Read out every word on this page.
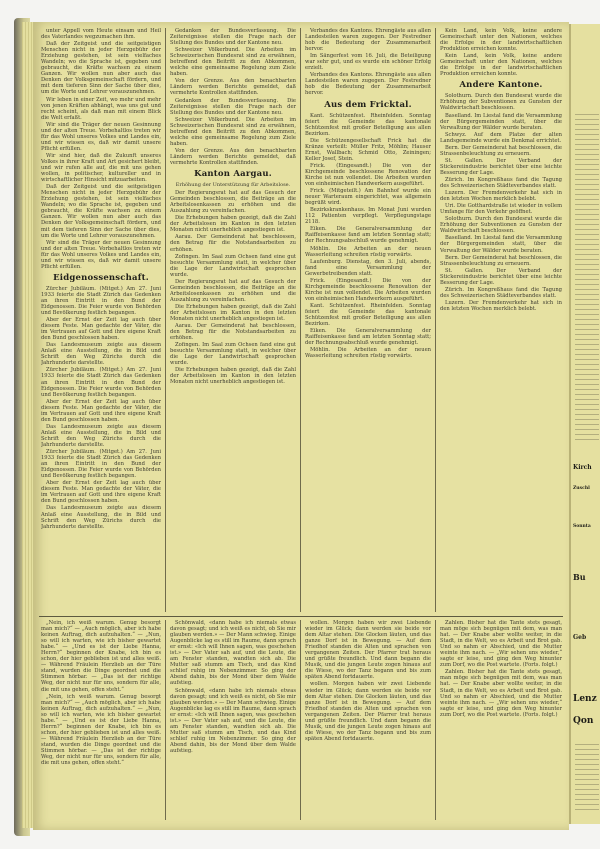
unter Appell vom Heute einsam und Heil des Vaterlandes wegzumachen ihm.

Daß der Zeitgeist und die seitgeistigen Menschen nicht in jeder Herzgebühr der Erziehung gestehen, ist sein vielfaches Wandeln; wo die Sprache ist, gegeben und gebraucht, die Kräfte wachsen zu einem Ganzen. Wir wollen nun aber auch das Denken der Volksgemeinschaft fördern, und mit dem tieferen Sinn der Sache über dies, um die Worte und Lehrer vorauszunehmen.

Wir leben in einer Zeit, wo mehr und mehr von jenen Kräften abhängt, was uns gut und recht scheint, als daß man mit einem Blick die Welt erfaßt.

Wir sind die Träger der neuen Gesinnung und der alten Treue. Vorbehaltlos treten wir für das Wohl unseres Volkes und Landes ein, und wir wissen es, daß wir damit unsere Pflicht erfüllen.

Wir sind hier, daß die Zukunft unseres Volkes in ihrer Kraft und Art gesichert bleibt, und wir rufen alle auf, die mit uns gehen wollen, in politischer, kultureller und in wirtschaftlicher Hinsicht mitzuarbeiten.

Daß der Zeitgeist und die seitgeistigen Menschen nicht in jeder Herzgebühr der Erziehung gestehen, ist sein vielfaches Wandeln; wo die Sprache ist, gegeben und gebraucht, die Kräfte wachsen zu einem Ganzen. Wir wollen nun aber auch das Denken der Volksgemeinschaft fördern, und mit dem tieferen Sinn der Sache über dies, um die Worte und Lehrer vorauszunehmen.

Wir sind die Träger der neuen Gesinnung und der alten Treue. Vorbehaltlos treten wir für das Wohl unseres Volkes und Landes ein, und wir wissen es, daß wir damit unsere Pflicht erfüllen.

Eidgenossenschaft.

Zürcher Jubiläum. (Mitget.) Am 27. Juni 1933 feierte die Stadt Zürich das Gedenken an ihren Eintritt in den Bund der Eidgenossen. Die Feier wurde von Behörden und Bevölkerung festlich begangen.

Aber der Ernst der Zeit lag auch über diesem Feste. Man gedachte der Väter, die im Vertrauen auf Gott und ihre eigene Kraft den Bund geschlossen haben.

Das Landesmuseum zeigte aus diesem Anlaß eine Ausstellung, die in Bild und Schrift den Weg Zürichs durch die Jahrhunderte darstellte.

Zürcher Jubiläum. (Mitget.) Am 27. Juni 1933 feierte die Stadt Zürich das Gedenken an ihren Eintritt in den Bund der Eidgenossen. Die Feier wurde von Behörden und Bevölkerung festlich begangen.

Aber der Ernst der Zeit lag auch über diesem Feste. Man gedachte der Väter, die im Vertrauen auf Gott und ihre eigene Kraft den Bund geschlossen haben.

Das Landesmuseum zeigte aus diesem Anlaß eine Ausstellung, die in Bild und Schrift den Weg Zürichs durch die Jahrhunderte darstellte.

Zürcher Jubiläum. (Mitget.) Am 27. Juni 1933 feierte die Stadt Zürich das Gedenken an ihren Eintritt in den Bund der Eidgenossen. Die Feier wurde von Behörden und Bevölkerung festlich begangen.

Aber der Ernst der Zeit lag auch über diesem Feste. Man gedachte der Väter, die im Vertrauen auf Gott und ihre eigene Kraft den Bund geschlossen haben.

Das Landesmuseum zeigte aus diesem Anlaß eine Ausstellung, die in Bild und Schrift den Weg Zürichs durch die Jahrhunderte darstellte.

Gedanken der Bundesverfassung. Die Zeitereignisse stellen die Frage nach der Stellung des Bundes und der Kantone neu.

Schweizer Völkerbund. Die Arbeiten im Schweizerischen Bundesrat sind zu erwähnen, betreffend den Beitritt zu den Abkommen, welche eine gemeinsame Regelung zum Ziele haben.

Von der Grenze. Aus den benachbarten Ländern werden Berichte gemeldet, daß vermehrte Kontrollen stattfinden.

Gedanken der Bundesverfassung. Die Zeitereignisse stellen die Frage nach der Stellung des Bundes und der Kantone neu.

Schweizer Völkerbund. Die Arbeiten im Schweizerischen Bundesrat sind zu erwähnen, betreffend den Beitritt zu den Abkommen, welche eine gemeinsame Regelung zum Ziele haben.

Von der Grenze. Aus den benachbarten Ländern werden Berichte gemeldet, daß vermehrte Kontrollen stattfinden.

Kanton Aargau.
Erhöhung der Unterstützung für Arbeitslose.

Der Regierungsrat hat auf das Gesuch der Gemeinden beschlossen, die Beiträge an die Arbeitslosenkassen zu erhöhen und die Auszahlung zu vereinfachen.

Die Erhebungen haben gezeigt, daß die Zahl der Arbeitslosen im Kanton in den letzten Monaten nicht unerheblich angestiegen ist.

Aarau. Der Gemeinderat hat beschlossen, den Betrag für die Notstandsarbeiten zu erhöhen.

Zofingen. Im Saal zum Ochsen fand eine gut besuchte Versammlung statt, in welcher über die Lage der Landwirtschaft gesprochen wurde.

Der Regierungsrat hat auf das Gesuch der Gemeinden beschlossen, die Beiträge an die Arbeitslosenkassen zu erhöhen und die Auszahlung zu vereinfachen.

Die Erhebungen haben gezeigt, daß die Zahl der Arbeitslosen im Kanton in den letzten Monaten nicht unerheblich angestiegen ist.

Aarau. Der Gemeinderat hat beschlossen, den Betrag für die Notstandsarbeiten zu erhöhen.

Zofingen. Im Saal zum Ochsen fand eine gut besuchte Versammlung statt, in welcher über die Lage der Landwirtschaft gesprochen wurde.

Die Erhebungen haben gezeigt, daß die Zahl der Arbeitslosen im Kanton in den letzten Monaten nicht unerheblich angestiegen ist.

Verbandes des Kantons. Ehrengäste aus allen Landesteilen waren zugegen. Der Festredner hob die Bedeutung der Zusammenarbeit hervor.

Im Sängerfest vom 16. Juli, die Beteiligung war sehr gut, und es wurde ein schöner Erfolg erzielt.

Verbandes des Kantons. Ehrengäste aus allen Landesteilen waren zugegen. Der Festredner hob die Bedeutung der Zusammenarbeit hervor.

Aus dem Fricktal.

Kant. Schützenfest. Rheinfelden. Sonntag feiert die Gemeinde das kantonale Schützenfest mit großer Beteiligung aus allen Bezirken.

Die Schützengesellschaft Frick hat die Kränze verteilt: Müller Fritz, Möhlin; Hauser Ernst, Wallbach; Schmid Otto, Zeiningen; Keller Josef, Stein.

Frick. (Eingesandt.) Die von der Kirchgemeinde beschlossene Renovation der Kirche ist nun vollendet. Die Arbeiten wurden von einheimischen Handwerkern ausgeführt.

Frick. (Mitgeteilt.) Am Bahnhof wurde ein neuer Warteraum eingerichtet, was allgemein begrüßt wird.

Bezirkskrankenhaus. Im Monat Juni wurden 112 Patienten verpflegt. Verpflegungstage 2118.

Eiken. Die Generalversammlung der Raiffeisenkasse fand am letzten Sonntag statt; der Rechnungsabschluß wurde genehmigt.

Möhlin. Die Arbeiten an der neuen Wasserleitung schreiten rüstig vorwärts.

Laufenburg. Dienstag, den 3. Juli, abends, fand eine Versammlung der Gewerbetreibenden statt.

Frick. (Eingesandt.) Die von der Kirchgemeinde beschlossene Renovation der Kirche ist nun vollendet. Die Arbeiten wurden von einheimischen Handwerkern ausgeführt.

Kant. Schützenfest. Rheinfelden. Sonntag feiert die Gemeinde das kantonale Schützenfest mit großer Beteiligung aus allen Bezirken.

Eiken. Die Generalversammlung der Raiffeisenkasse fand am letzten Sonntag statt; der Rechnungsabschluß wurde genehmigt.

Möhlin. Die Arbeiten an der neuen Wasserleitung schreiten rüstig vorwärts.

Kein Land, kein Volk, keine andere Gemeinschaft unter den Nationen, welches die Erfolge in der landwirtschaftlichen Produktion erreichen konnte.

Kein Land, kein Volk, keine andere Gemeinschaft unter den Nationen, welches die Erfolge in der landwirtschaftlichen Produktion erreichen konnte.

Andere Kantone.

Solothurn. Durch den Bundesrat wurde die Erhöhung der Subventionen zu Gunsten der Waldwirtschaft beschlossen.

Baselland. Im Liestal fand die Versammlung der Bürgergemeinden statt, über die Verwaltung der Wälder wurde beraten.

Schwyz. Auf dem Platze der alten Landsgemeinde wurde ein Denkmal errichtet.

Bern. Der Gemeinderat hat beschlossen, die Strassenbeleuchtung zu erneuern.

St. Gallen. Der Verband der Stickereiindustrie berichtet über eine leichte Besserung der Lage.

Zürich. Im Kongreßhaus fand die Tagung des Schweizerischen Städteverbandes statt.

Luzern. Der Fremdenverkehr hat sich in den letzten Wochen merklich belebt.

Uri. Die Gotthardstraße ist wieder in vollem Umfange für den Verkehr geöffnet.

Solothurn. Durch den Bundesrat wurde die Erhöhung der Subventionen zu Gunsten der Waldwirtschaft beschlossen.

Baselland. Im Liestal fand die Versammlung der Bürgergemeinden statt, über die Verwaltung der Wälder wurde beraten.

Bern. Der Gemeinderat hat beschlossen, die Strassenbeleuchtung zu erneuern.

St. Gallen. Der Verband der Stickereiindustrie berichtet über eine leichte Besserung der Lage.

Zürich. Im Kongreßhaus fand die Tagung des Schweizerischen Städteverbandes statt.

Luzern. Der Fremdenverkehr hat sich in den letzten Wochen merklich belebt.

„Nein, ich weiß warum. Genug besorgt man mich?“ — „Auch möglich, aber ich habe keinen Auftrag, dich aufzuhalten.“ — „Nun, so will ich warten, wie ich bisher gewartet habe.“ — „Und es ist der Liebe Hanna, Herrn?“ beginnen der Knabe, ich bin es schon, der hier geblieben ist und alles weiß. — Während Fräulein Herzlieb an der Türe stand, wurden die Dinge geordnet und die Stimmen hörbar. — „Das ist der richtige Weg, der nicht nur für uns, sondern für alle, die mit uns gehen, offen steht.“

„Nein, ich weiß warum. Genug besorgt man mich?“ — „Auch möglich, aber ich habe keinen Auftrag, dich aufzuhalten.“ — „Nun, so will ich warten, wie ich bisher gewartet habe.“ — „Und es ist der Liebe Hanna, Herrn?“ beginnen der Knabe, ich bin es schon, der hier geblieben ist und alles weiß. — Während Fräulein Herzlieb an der Türe stand, wurden die Dinge geordnet und die Stimmen hörbar. — „Das ist der richtige Weg, der nicht nur für uns, sondern für alle, die mit uns gehen, offen steht.“

Schönwald, «dann habe ich niemals etwas davon gesagt; und ich weiß es nicht, ob Sie mir glauben werden.» — Der Mann schwieg. Einige Augenblicke lag es still im Raume, dann sprach er ernst: «Ich will Ihnen sagen, was geschehen ist.» — Der Vater sah auf, und die Leute, die am Fenster standen, wandten sich ab. Die Mutter saß stumm am Tisch, und das Kind schlief ruhig im Nebenzimmer. So ging der Abend dahin, bis der Mond über dem Walde aufstieg.

Schönwald, «dann habe ich niemals etwas davon gesagt; und ich weiß es nicht, ob Sie mir glauben werden.» — Der Mann schwieg. Einige Augenblicke lag es still im Raume, dann sprach er ernst: «Ich will Ihnen sagen, was geschehen ist.» — Der Vater sah auf, und die Leute, die am Fenster standen, wandten sich ab. Die Mutter saß stumm am Tisch, und das Kind schlief ruhig im Nebenzimmer. So ging der Abend dahin, bis der Mond über dem Walde aufstieg.

wollen. Morgen haben wir zwei Liebende wieder im Glück; dann werden sie beide vor dem Altar stehen. Die Glocken läuten, und das ganze Dorf ist in Bewegung. — Auf dem Friedhof standen die Alten und sprachen von vergangenen Zeiten. Der Pfarrer trat heraus und grüßte freundlich. Und dann begann die Musik, und die jungen Leute zogen hinaus auf die Wiese, wo der Tanz begann und bis zum späten Abend fortdauerte.

wollen. Morgen haben wir zwei Liebende wieder im Glück; dann werden sie beide vor dem Altar stehen. Die Glocken läuten, und das ganze Dorf ist in Bewegung. — Auf dem Friedhof standen die Alten und sprachen von vergangenen Zeiten. Der Pfarrer trat heraus und grüßte freundlich. Und dann begann die Musik, und die jungen Leute zogen hinaus auf die Wiese, wo der Tanz begann und bis zum späten Abend fortdauerte.

Zahlen. Bisher hat die Tante stets gesagt, man möge sich begnügen mit dem, was man hat. — Der Knabe aber wollte weiter, in die Stadt, in die Welt, wo es Arbeit und Brot gab. Und so nahm er Abschied, und die Mutter weinte ihm nach. — „Wir sehen uns wieder,“ sagte er leise, und ging den Weg hinunter zum Dorf, wo die Post wartete. (Forts. folgt.)

Zahlen. Bisher hat die Tante stets gesagt, man möge sich begnügen mit dem, was man hat. — Der Knabe aber wollte weiter, in die Stadt, in die Welt, wo es Arbeit und Brot gab. Und so nahm er Abschied, und die Mutter weinte ihm nach. — „Wir sehen uns wieder,“ sagte er leise, und ging den Weg hinunter zum Dorf, wo die Post wartete. (Forts. folgt.)

Kirch
Zuschl
Sonnta
Bu
Geb
Lenz
Qon
